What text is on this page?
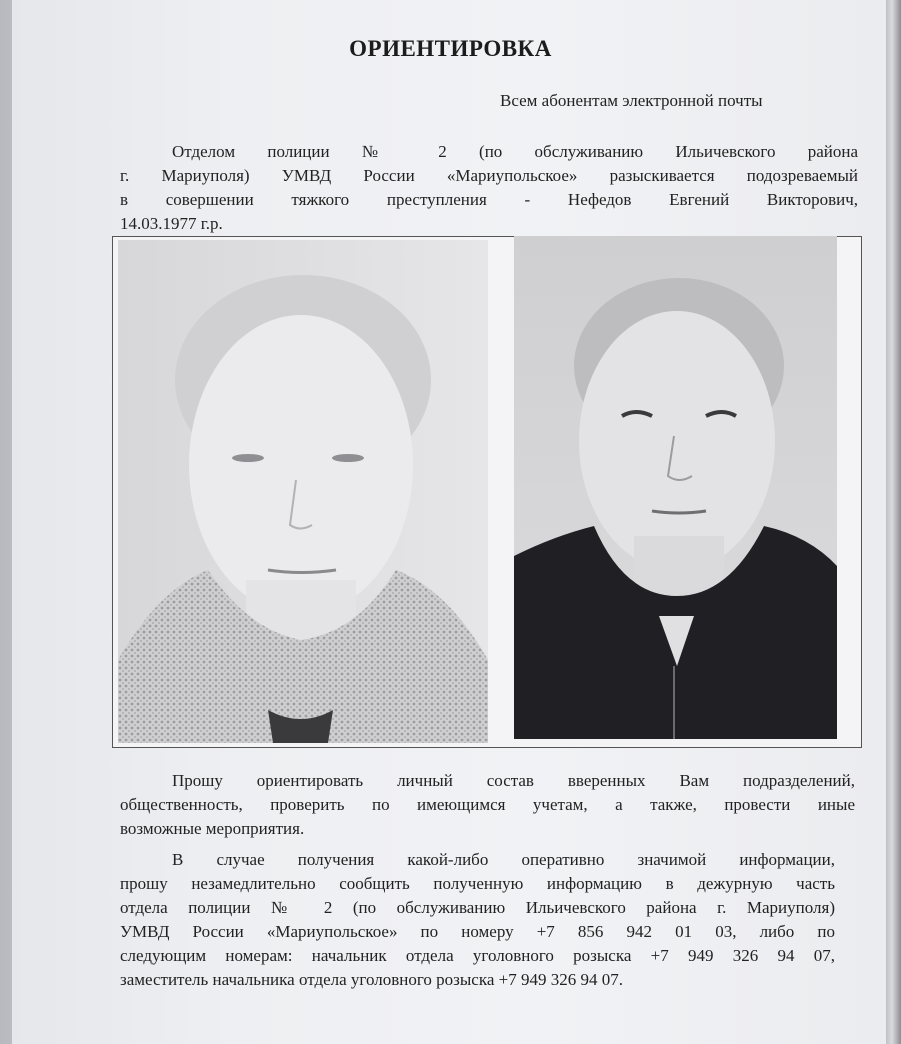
ОРИЕНТИРОВКА
Всем абонентам электронной почты
Отделом полиции № 2 (по обслуживанию Ильичевского района
г. Мариуполя) УМВД России «Мариупольское» разыскивается подозреваемый
в совершении тяжкого преступления - Нефедов Евгений Викторович,
14.03.1977 г.р.
Прошу ориентировать личный состав вверенных Вам подразделений,
общественность, проверить по имеющимся учетам, а также, провести иные
возможные мероприятия.
В случае получения какой-либо оперативно значимой информации,
прошу незамедлительно сообщить полученную информацию в дежурную часть
отдела полиции № 2 (по обслуживанию Ильичевского района г. Мариуполя)
УМВД России «Мариупольское» по номеру +7 856 942 01 03, либо по
следующим номерам: начальник отдела уголовного розыска +7 949 326 94 07,
заместитель начальника отдела уголовного розыска +7 949 326 94 07.
